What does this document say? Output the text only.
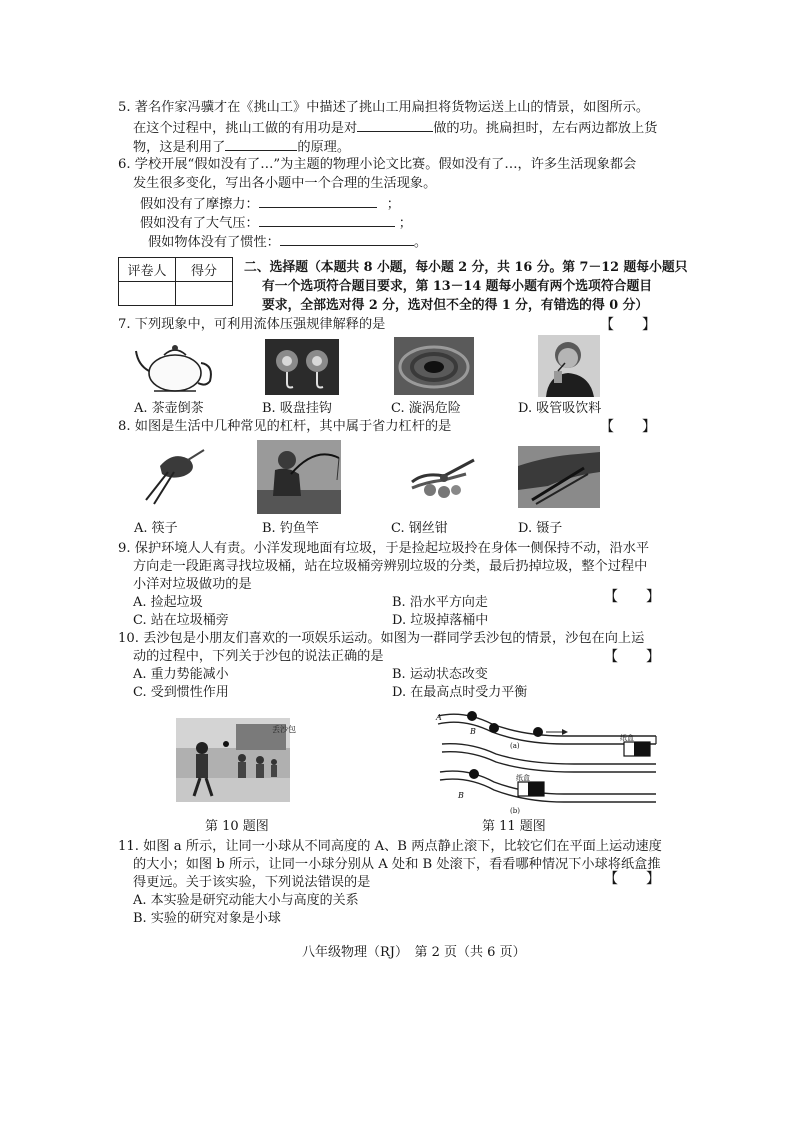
5. 著名作家冯骥才在《挑山工》中描述了挑山工用扁担将货物运送上山的情景，如图所示。
在这个过程中，挑山工做的有用功是对	做的功。挑扁担时，左右两边都放上货
物，这是利用了	的原理。
6. 学校开展“假如没有了…”为主题的物理小论文比赛。假如没有了…，许多生活现象都会
发生很多变化，写出各小题中一个合理的生活现象。
假如没有了摩擦力：	；
假如没有了大气压：	；
假如物体没有了惯性：	。
评卷人	得分
	二、选择题（本题共 8 小题，每小题 2 分，共 16 分。第 7－12 题每小题只
有一个选项符合题目要求，第 13－14 题每小题有两个选项符合题目
要求，全部选对得 2 分，选对但不全的得 1 分，有错选的得 0 分）
7. 下列现象中，可利用流体压强规律解释的是	【　　】
A. 茶壶倒茶	B. 吸盘挂钩	C. 漩涡危险	D. 吸管吸饮料
8. 如图是生活中几种常见的杠杆，其中属于省力杠杆的是	【　　】
A. 筷子	B. 钓鱼竿	C. 钢丝钳	D. 镊子
9. 保护环境人人有责。小洋发现地面有垃圾，于是捡起垃圾拎在身体一侧保持不动，沿水平
方向走一段距离寻找垃圾桶，站在垃圾桶旁辨别垃圾的分类，最后扔掉垃圾，整个过程中
小洋对垃圾做功的是
A. 捡起垃圾	B. 沿水平方向走	【　　】
C. 站在垃圾桶旁	D. 垃圾掉落桶中
10. 丢沙包是小朋友们喜欢的一项娱乐运动。如图为一群同学丢沙包的情景，沙包在向上运
动的过程中，下列关于沙包的说法正确的是	【　　】
A. 重力势能减小	B. 运动状态改变
C. 受到惯性作用	D. 在最高点时受力平衡
丢沙包
第 10 题图
A
B
(a)
纸盒
纸盒
B
(b)
第 11 题图
11. 如图 a 所示，让同一小球从不同高度的 A、B 两点静止滚下，比较它们在平面上运动速度
的大小；如图 b 所示，让同一小球分别从 A 处和 B 处滚下，看看哪种情况下小球将纸盒推
得更远。关于该实验，下列说法错误的是	【　　】
A. 本实验是研究动能大小与高度的关系
B. 实验的研究对象是小球
八年级物理（RJ）　第 2 页（共 6 页）
